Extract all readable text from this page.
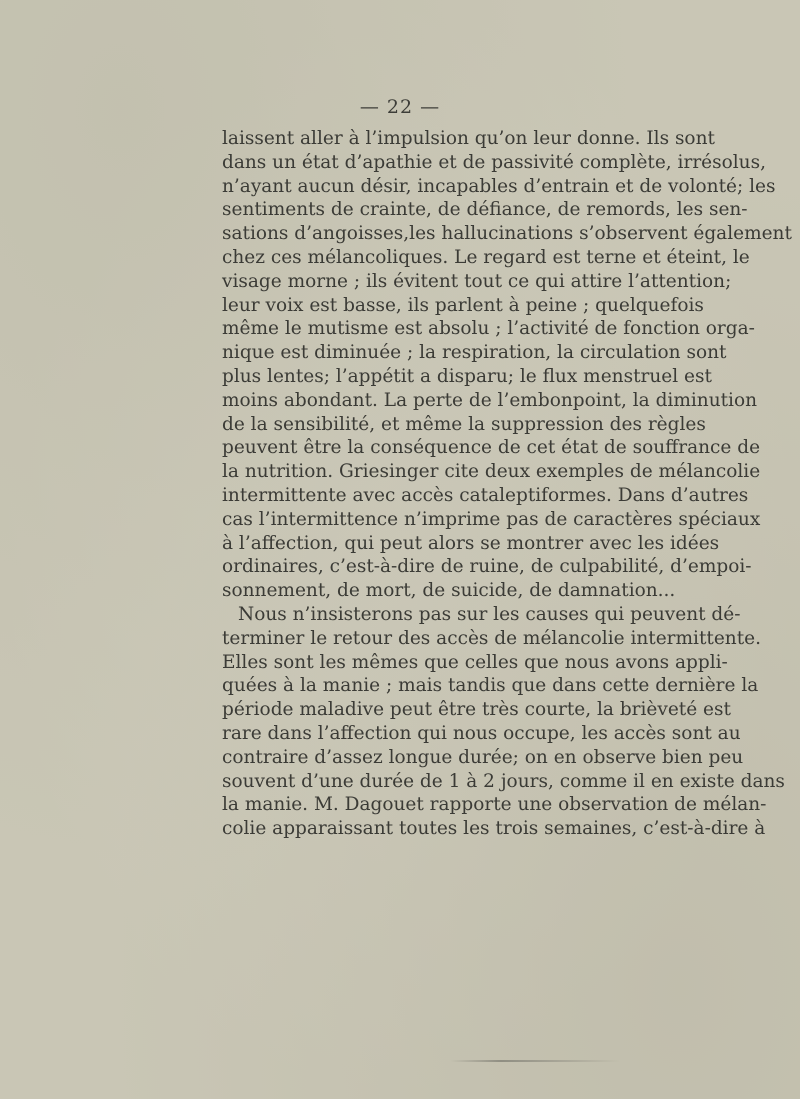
— 22 —
laissent aller à l’impulsion qu’on leur donne. Ils sont
dans un état d’apathie et de passivité complète, irrésolus,
n’ayant aucun désir, incapables d’entrain et de volonté; les
sentiments de crainte, de défiance, de remords, les sen-
sations d’angoisses,les hallucinations s’observent également
chez ces mélancoliques. Le regard est terne et éteint, le
visage morne ; ils évitent tout ce qui attire l’attention;
leur voix est basse, ils parlent à peine ; quelquefois
même le mutisme est absolu ; l’activité de fonction orga-
nique est diminuée ; la respiration, la circulation sont
plus lentes; l’appétit a disparu; le flux menstruel est
moins abondant. La perte de l’embonpoint, la diminution
de la sensibilité, et même la suppression des règles
peuvent être la conséquence de cet état de souffrance de
la nutrition. Griesinger cite deux exemples de mélancolie
intermittente avec accès cataleptiformes. Dans d’autres
cas l’intermittence n’imprime pas de caractères spéciaux
à l’affection, qui peut alors se montrer avec les idées
ordinaires, c’est-à-dire de ruine, de culpabilité, d’empoi-
sonnement, de mort, de suicide, de damnation...
Nous n’insisterons pas sur les causes qui peuvent dé-
terminer le retour des accès de mélancolie intermittente.
Elles sont les mêmes que celles que nous avons appli-
quées à la manie ; mais tandis que dans cette dernière la
période maladive peut être très courte, la brièveté est
rare dans l’affection qui nous occupe, les accès sont au
contraire d’assez longue durée; on en observe bien peu
souvent d’une durée de 1 à 2 jours, comme il en existe dans
la manie. M. Dagouet rapporte une observation de mélan-
colie apparaissant toutes les trois semaines, c’est-à-dire à
